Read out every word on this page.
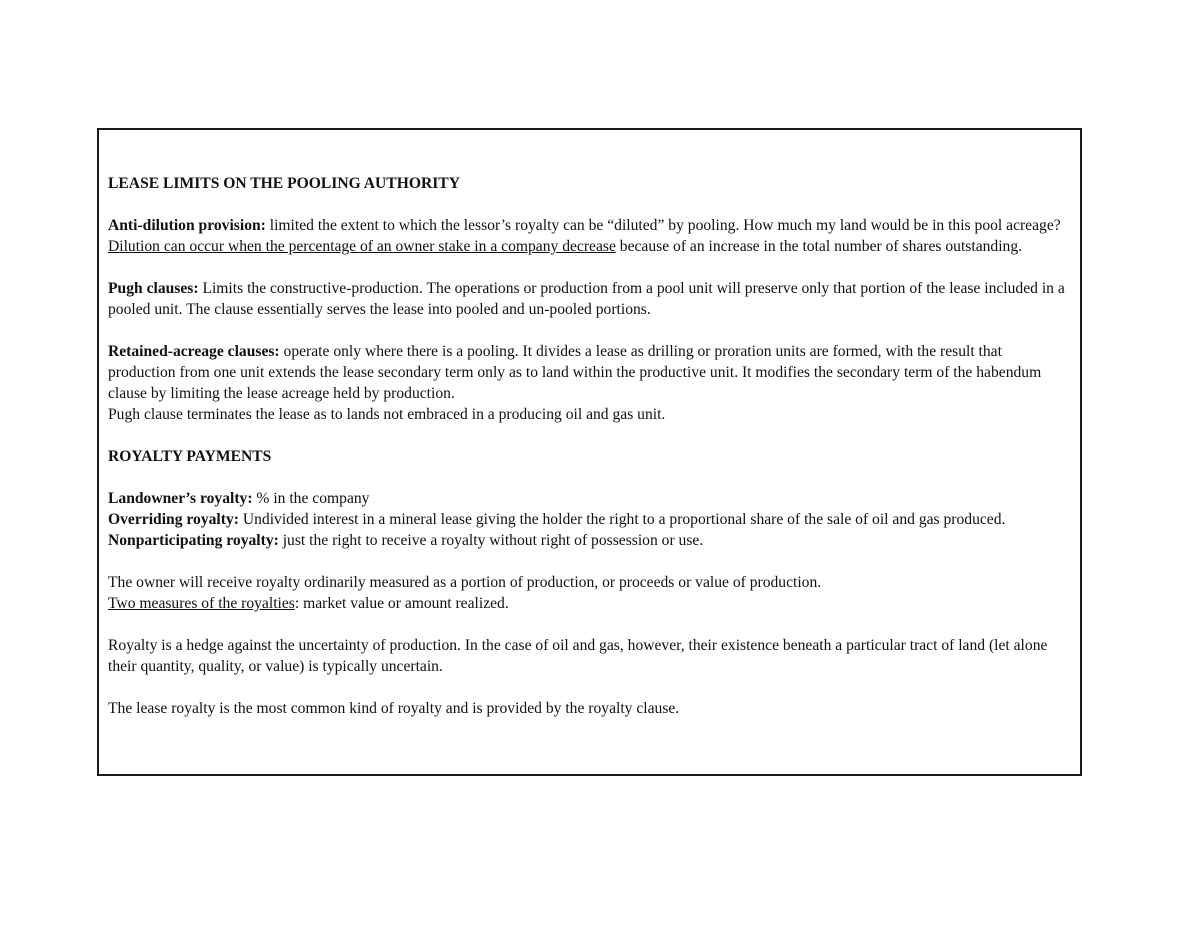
LEASE LIMITS ON THE POOLING AUTHORITY

Anti-dilution provision: limited the extent to which the lessor’s royalty can be “diluted” by pooling. How much my land would be in this pool acreage? Dilution can occur when the percentage of an owner stake in a company decrease because of an increase in the total number of shares outstanding.

Pugh clauses: Limits the constructive-production. The operations or production from a pool unit will preserve only that portion of the lease included in a pooled unit. The clause essentially serves the lease into pooled and un-pooled portions.

Retained-acreage clauses: operate only where there is a pooling. It divides a lease as drilling or proration units are formed, with the result that production from one unit extends the lease secondary term only as to land within the productive unit. It modifies the secondary term of the habendum clause by limiting the lease acreage held by production.

Pugh clause terminates the lease as to lands not embraced in a producing oil and gas unit.

ROYALTY PAYMENTS

Landowner’s royalty: % in the company

Overriding royalty: Undivided interest in a mineral lease giving the holder the right to a proportional share of the sale of oil and gas produced.

Nonparticipating royalty: just the right to receive a royalty without right of possession or use.

The owner will receive royalty ordinarily measured as a portion of production, or proceeds or value of production.

Two measures of the royalties: market value or amount realized.

Royalty is a hedge against the uncertainty of production. In the case of oil and gas, however, their existence beneath a particular tract of land (let alone their quantity, quality, or value) is typically uncertain.

The lease royalty is the most common kind of royalty and is provided by the royalty clause.
